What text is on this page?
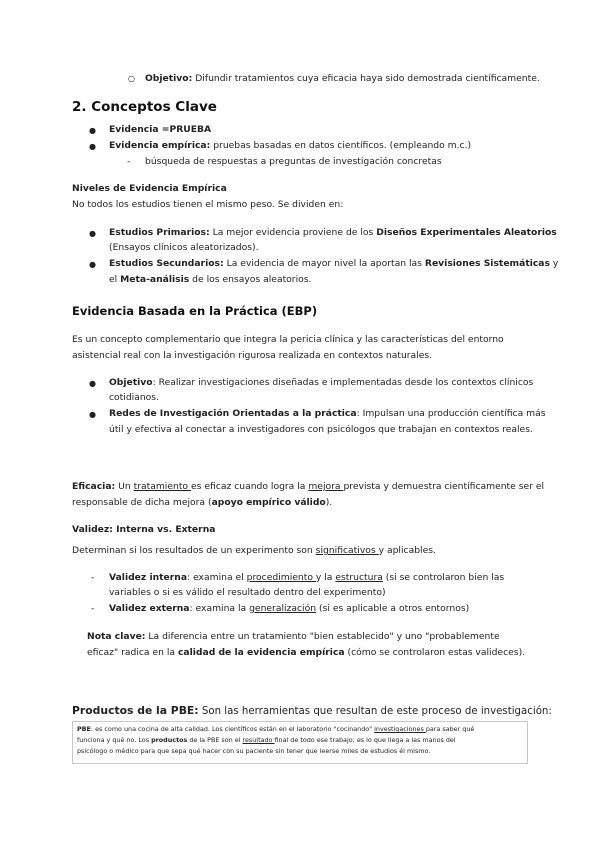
○ Objetivo: Difundir tratamientos cuya eficacia haya sido demostrada científicamente.
2. Conceptos Clave
● Evidencia =PRUEBA
● Evidencia empírica: pruebas basadas en datos científicos. (empleando m.c.)
- búsqueda de respuestas a preguntas de investigación concretas
Niveles de Evidencia Empírica
No todos los estudios tienen el mismo peso. Se dividen en:
● Estudios Primarios: La mejor evidencia proviene de los Diseños Experimentales Aleatorios
(Ensayos clínicos aleatorizados).
● Estudios Secundarios: La evidencia de mayor nivel la aportan las Revisiones Sistemáticas y
el Meta-análisis de los ensayos aleatorios.
Evidencia Basada en la Práctica (EBP)
Es un concepto complementario que integra la pericia clínica y las características del entorno
asistencial real con la investigación rigurosa realizada en contextos naturales.
● Objetivo: Realizar investigaciones diseñadas e implementadas desde los contextos clínicos
cotidianos.
● Redes de Investigación Orientadas a la práctica: Impulsan una producción científica más
útil y efectiva al conectar a investigadores con psicólogos que trabajan en contextos reales.
Eficacia: Un tratamiento es eficaz cuando logra la mejora prevista y demuestra científicamente ser el
responsable de dicha mejora (apoyo empírico válido).
Validez: Interna vs. Externa
Determinan si los resultados de un experimento son significativos y aplicables.
- Validez interna: examina el procedimiento y la estructura (si se controlaron bien las
variables o si es válido el resultado dentro del experimento)
- Validez externa: examina la generalización (si es aplicable a otros entornos)
Nota clave: La diferencia entre un tratamiento "bien establecido" y uno "probablemente
eficaz" radica en la calidad de la evidencia empírica (cómo se controlaron estas valideces).
Productos de la PBE: Son las herramientas que resultan de este proceso de investigación:
PBE: es como una cocina de alta calidad. Los científicos están en el laboratorio "cocinando" investigaciones para saber qué
funciona y qué no. Los productos de la PBE son el resultado final de todo ese trabajo; es lo que llega a las manos del
psicólogo o médico para que sepa qué hacer con su paciente sin tener que leerse miles de estudios él mismo.
